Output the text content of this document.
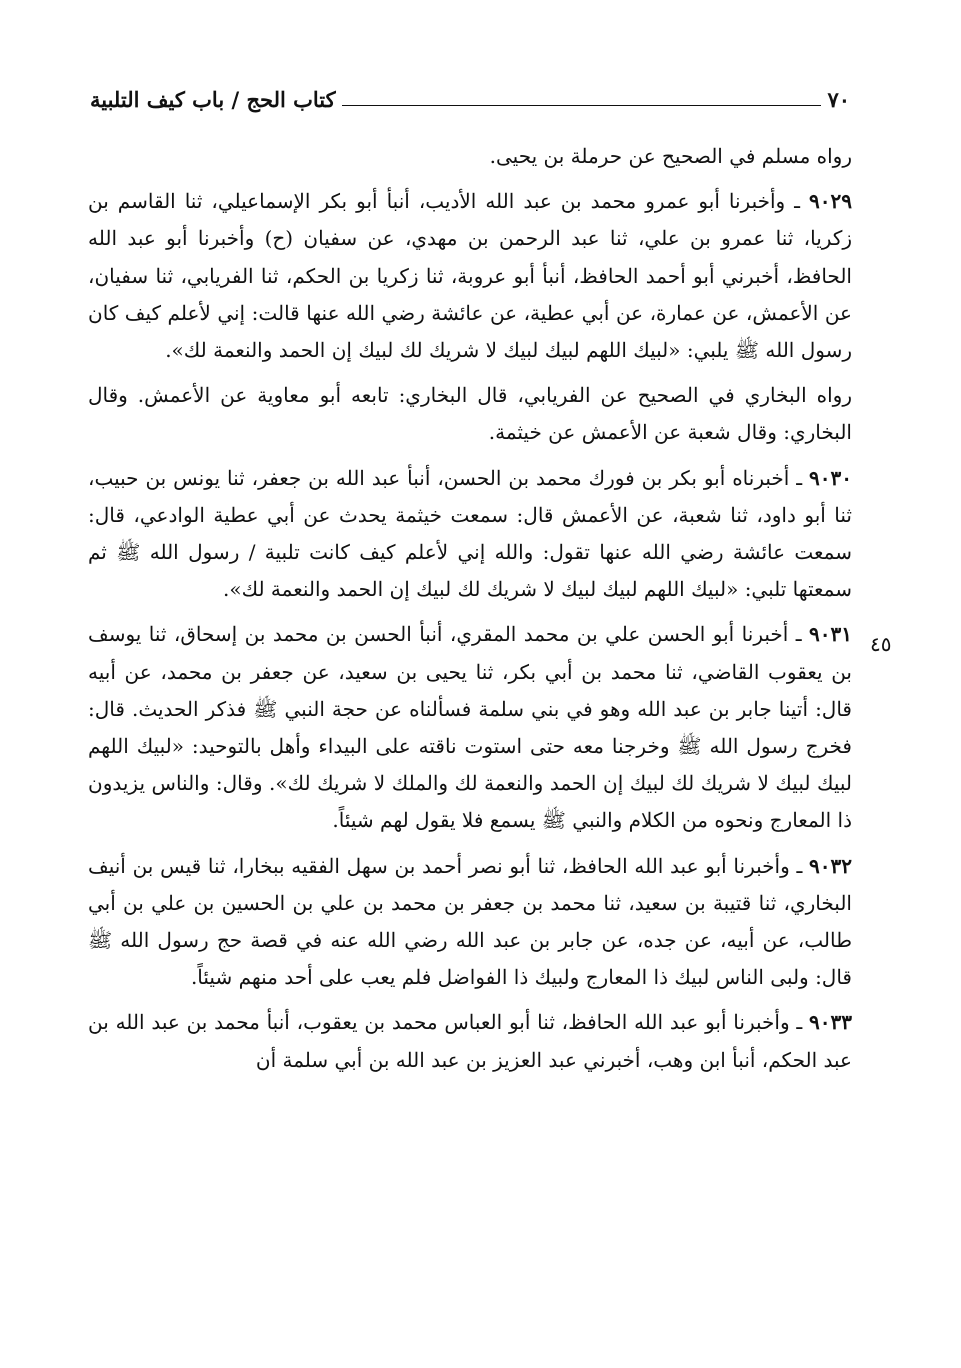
٧٠
كتاب الحج / باب كيف التلبية
٤٥

رواه مسلم في الصحيح عن حرملة بن يحيى.

٩٠٢٩ ـ وأخبرنا أبو عمرو محمد بن عبد الله الأديب، أنبأ أبو بكر الإسماعيلي، ثنا القاسم بن زكريا، ثنا عمرو بن علي، ثنا عبد الرحمن بن مهدي، عن سفيان (ح) وأخبرنا أبو عبد الله الحافظ، أخبرني أبو أحمد الحافظ، أنبأ أبو عروبة، ثنا زكريا بن الحكم، ثنا الفريابي، ثنا سفيان، عن الأعمش، عن عمارة، عن أبي عطية، عن عائشة رضي الله عنها قالت: إني لأعلم كيف كان رسول الله ﷺ يلبي: «لبيك اللهم لبيك لبيك لا شريك لك لبيك إن الحمد والنعمة لك».

رواه البخاري في الصحيح عن الفريابي، قال البخاري: تابعه أبو معاوية عن الأعمش. وقال البخاري: وقال شعبة عن الأعمش عن خيثمة.

٩٠٣٠ ـ أخبرناه أبو بكر بن فورك محمد بن الحسن، أنبأ عبد الله بن جعفر، ثنا يونس بن حبيب، ثنا أبو داود، ثنا شعبة، عن الأعمش قال: سمعت خيثمة يحدث عن أبي عطية الوادعي، قال: سمعت عائشة رضي الله عنها تقول: والله إني لأعلم كيف كانت تلبية / رسول الله ﷺ ثم سمعتها تلبي: «لبيك اللهم لبيك لبيك لا شريك لك لبيك إن الحمد والنعمة لك».

٩٠٣١ ـ أخبرنا أبو الحسن علي بن محمد المقري، أنبأ الحسن بن محمد بن إسحاق، ثنا يوسف بن يعقوب القاضي، ثنا محمد بن أبي بكر، ثنا يحيى بن سعيد، عن جعفر بن محمد، عن أبيه قال: أتينا جابر بن عبد الله وهو في بني سلمة فسألناه عن حجة النبي ﷺ فذكر الحديث. قال: فخرج رسول الله ﷺ وخرجنا معه حتى استوت ناقته على البيداء وأهل بالتوحيد: «لبيك اللهم لبيك لبيك لا شريك لك لبيك إن الحمد والنعمة لك والملك لا شريك لك». وقال: والناس يزيدون ذا المعارج ونحوه من الكلام والنبي ﷺ يسمع فلا يقول لهم شيئاً.

٩٠٣٢ ـ وأخبرنا أبو عبد الله الحافظ، ثنا أبو نصر أحمد بن سهل الفقيه ببخارا، ثنا قيس بن أنيف البخاري، ثنا قتيبة بن سعيد، ثنا محمد بن جعفر بن محمد بن علي بن الحسين بن علي بن أبي طالب، عن أبيه، عن جده، عن جابر بن عبد الله رضي الله عنه في قصة حج رسول الله ﷺ قال: ولبى الناس لبيك ذا المعارج ولبيك ذا الفواضل فلم يعب على أحد منهم شيئاً.

٩٠٣٣ ـ وأخبرنا أبو عبد الله الحافظ، ثنا أبو العباس محمد بن يعقوب، أنبأ محمد بن عبد الله بن عبد الحكم، أنبأ ابن وهب، أخبرني عبد العزيز بن عبد الله بن أبي سلمة أن
